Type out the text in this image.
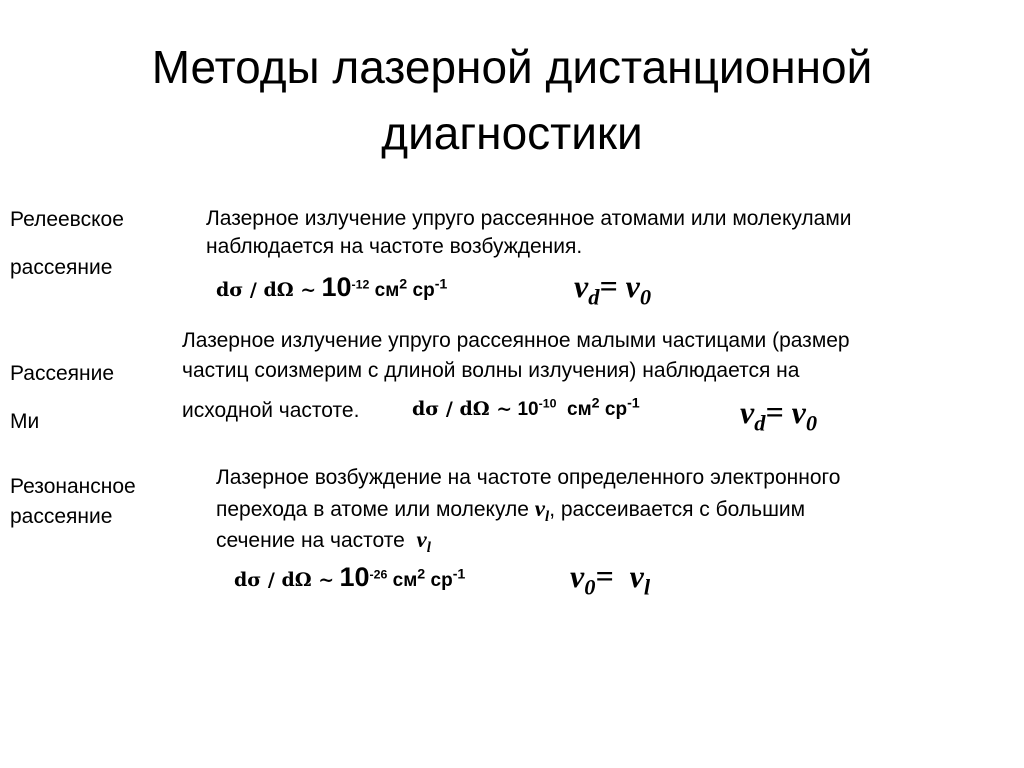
Методы лазерной дистанционной
диагностики
Релеевское
рассеяние
Лазерное излучение упруго рассеянное атомами или молекулами
наблюдается на частоте возбуждения.
dσ / dΩ ~ $10^{-12}$ $см^2$ $ср^{-1}$	$\nu_d= \nu_0$
Рассеяние
Ми
Лазерное излучение упруго рассеянное малыми частицами (размер
частиц соизмерим с длиной волны излучения) наблюдается на
исходной частоте.	dσ / dΩ ~ $10^{-10}$ $см^2$ $ср^{-1}$	$\nu_d= \nu_0$
Резонансное
рассеяние
Лазерное возбуждение на частоте определенного электронного
перехода в атоме или молекуле $\nu_l$, рассеивается с большим
сечение на частоте $\nu_l$
dσ / dΩ ~ $10^{-26}$ $см^2$ $ср^{-1}$	$\nu_0= \nu_l$
